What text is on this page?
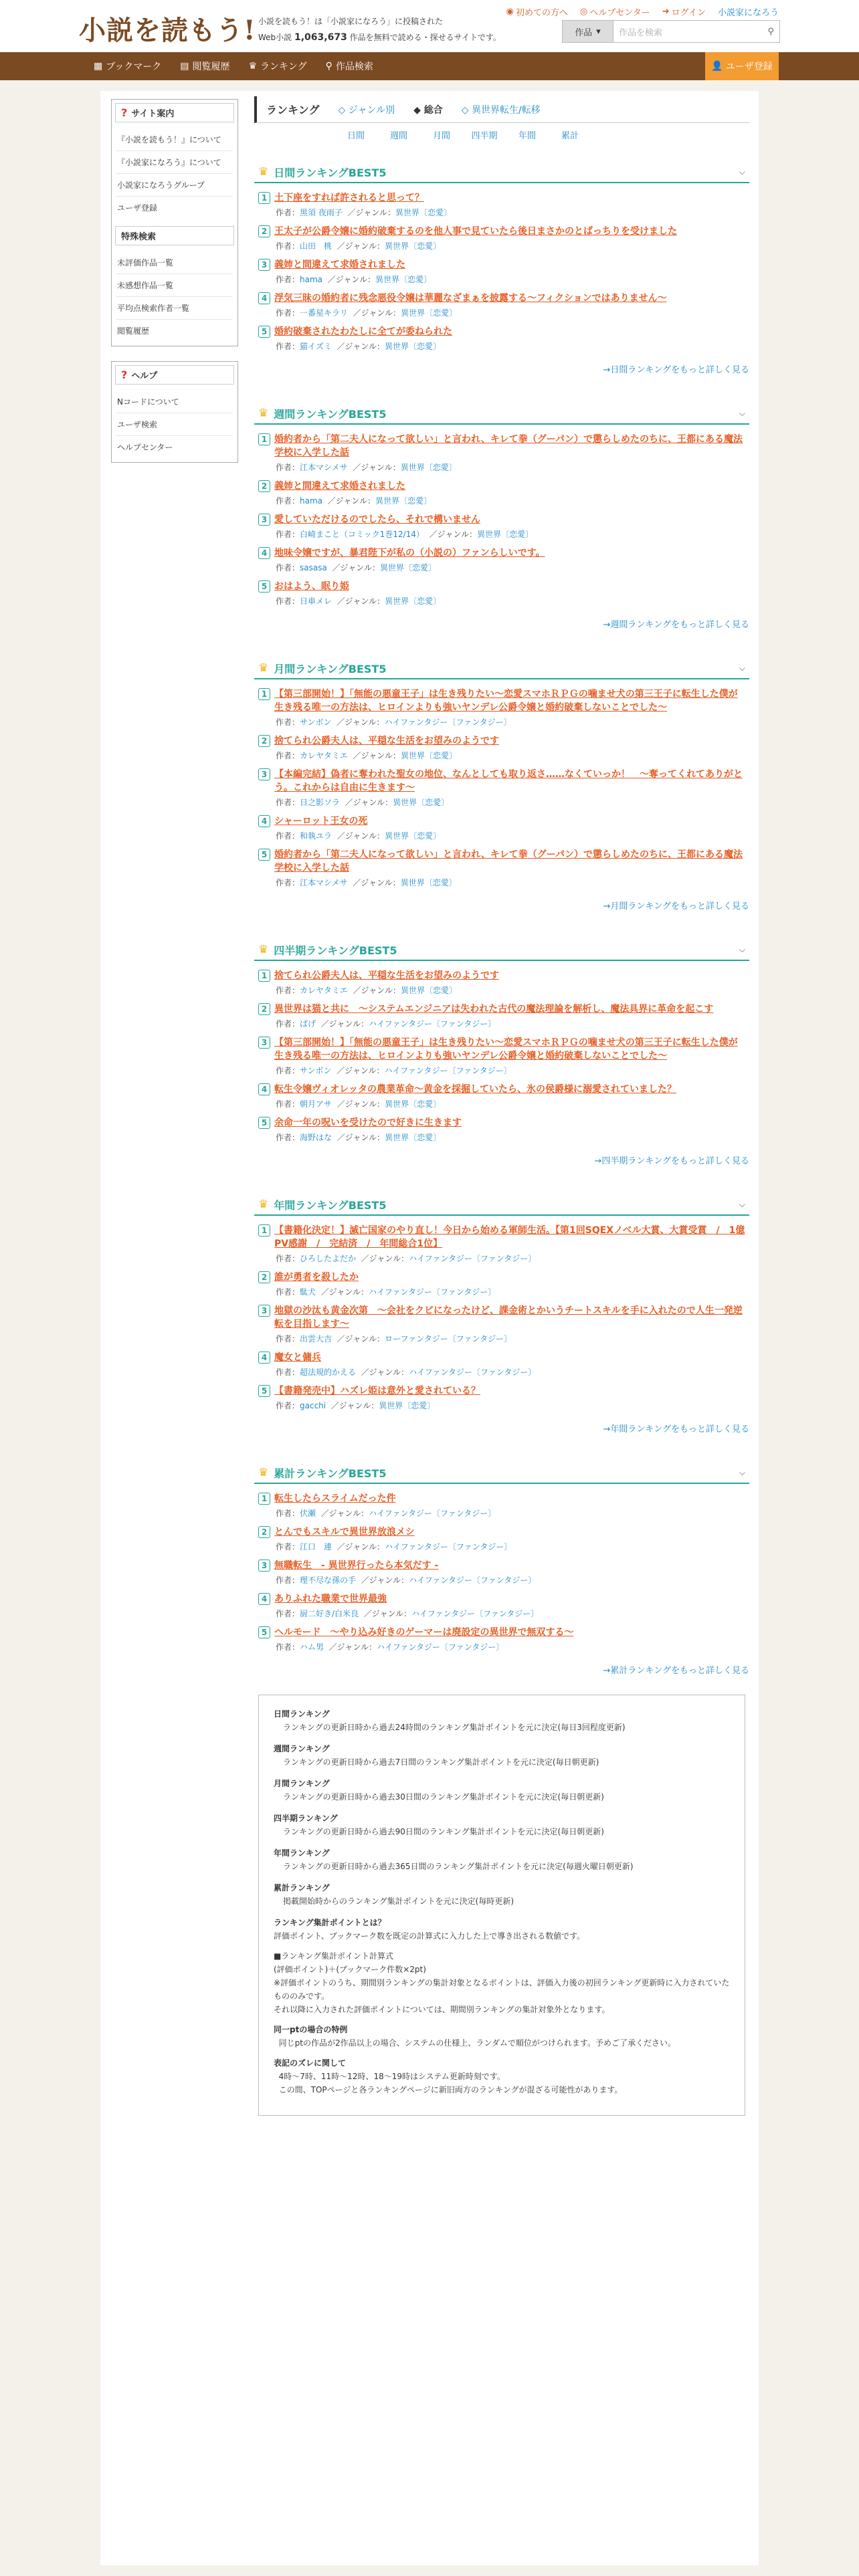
小説を読もう! 小説を読もう！は「小説家になろう」に投稿された
Web小説 1,063,673 作品を無料で読める・探せるサイトです。
◉ 初めての方へ ◎ ヘルプセンター ➜ ログイン 小説家になろう
作品 ▾ 作品を検索	⚲
▦ ブックマーク ▤ 閲覧履歴 ♛ ランキング ⚲ 作品検索	👤 ユーザ登録
? サイト案内
『小説を読もう！』について
『小説家になろう』について
小説家になろうグループ
ユーザ登録
特殊検索
未評価作品一覧
未感想作品一覧
平均点検索作者一覧
閲覧履歴
? ヘルプ
Nコードについて
ユーザ検索
ヘルプセンター
ランキング	◇ ジャンル別	◆ 総合	◇ 異世界転生/転移
日間	週間	月間	四半期	年間	累計
♛ 日間ランキングBEST5	⌵
1 土下座をすれば許されると思って？
作者：黒須 夜雨子  ／ジャンル：異世界〔恋愛〕
2 王太子が公爵令嬢に婚約破棄するのを他人事で見ていたら後日まさかのとばっちりを受けました
作者：山田　桃  ／ジャンル：異世界〔恋愛〕
3 義姉と間違えて求婚されました
作者：hama  ／ジャンル：異世界〔恋愛〕
4 浮気三昧の婚約者に残念悪役令嬢は華麗なざまぁを披露する〜フィクションではありません〜
作者：一番星キラリ  ／ジャンル：異世界〔恋愛〕
5 婚約破棄されたわたしに全てが委ねられた
作者：猫イズミ  ／ジャンル：異世界〔恋愛〕
→日間ランキングをもっと詳しく見る
♛ 週間ランキングBEST5	⌵
1 婚約者から「第二夫人になって欲しい」と言われ、キレて拳（グーパン）で懲らしめたのちに、王都にある魔法学校に入学した話
作者：江本マシメサ  ／ジャンル：異世界〔恋愛〕
2 義姉と間違えて求婚されました
作者：hama  ／ジャンル：異世界〔恋愛〕
3 愛していただけるのでしたら、それで構いません
作者：白崎まこと（コミック1巻12/14）  ／ジャンル：異世界〔恋愛〕
4 地味令嬢ですが、暴君陛下が私の（小説の）ファンらしいです。
作者：sasasa  ／ジャンル：異世界〔恋愛〕
5 おはよう、眠り姫
作者：日車メレ  ／ジャンル：異世界〔恋愛〕
→週間ランキングをもっと詳しく見る
♛ 月間ランキングBEST5	⌵
1 【第三部開始！】「無能の悪童王子」は生き残りたい〜恋愛スマホＲＰＧの噛ませ犬の第三王子に転生した僕が生き残る唯一の方法は、ヒロインよりも強いヤンデレ公爵令嬢と婚約破棄しないことでした〜
作者：サンボン  ／ジャンル：ハイファンタジー〔ファンタジー〕
2 捨てられ公爵夫人は、平穏な生活をお望みのようです
作者：カレヤタミエ  ／ジャンル：異世界〔恋愛〕
3 【本編完結】偽者に奪われた聖女の地位、なんとしても取り返さ……なくていっか！　〜奪ってくれてありがとう。これからは自由に生きます〜
作者：日之影ソラ  ／ジャンル：異世界〔恋愛〕
4 シャーロット王女の死
作者：和執ユラ  ／ジャンル：異世界〔恋愛〕
5 婚約者から「第二夫人になって欲しい」と言われ、キレて拳（グーパン）で懲らしめたのちに、王都にある魔法学校に入学した話
作者：江本マシメサ  ／ジャンル：異世界〔恋愛〕
→月間ランキングをもっと詳しく見る
♛ 四半期ランキングBEST5	⌵
1 捨てられ公爵夫人は、平穏な生活をお望みのようです
作者：カレヤタミエ  ／ジャンル：異世界〔恋愛〕
2 異世界は猫と共に　〜システムエンジニアは失われた古代の魔法理論を解析し、魔法具界に革命を起こす
作者：ぱげ  ／ジャンル：ハイファンタジー〔ファンタジー〕
3 【第三部開始！】「無能の悪童王子」は生き残りたい〜恋愛スマホＲＰＧの噛ませ犬の第三王子に転生した僕が生き残る唯一の方法は、ヒロインよりも強いヤンデレ公爵令嬢と婚約破棄しないことでした〜
作者：サンボン  ／ジャンル：ハイファンタジー〔ファンタジー〕
4 転生令嬢ヴィオレッタの農業革命〜黄金を採掘していたら、氷の侯爵様に溺愛されていました？
作者：朝月アサ  ／ジャンル：異世界〔恋愛〕
5 余命一年の呪いを受けたので好きに生きます
作者：海野はな  ／ジャンル：異世界〔恋愛〕
→四半期ランキングをもっと詳しく見る
♛ 年間ランキングBEST5	⌵
1 【書籍化決定！】滅亡国家のやり直し！今日から始める軍師生活。【第1回SQEXノベル大賞、大賞受賞　/　1億PV感謝　/　完結済　/　年間総合1位】
作者：ひろしたよだか  ／ジャンル：ハイファンタジー〔ファンタジー〕
2 誰が勇者を殺したか
作者：駄犬  ／ジャンル：ハイファンタジー〔ファンタジー〕
3 地獄の沙汰も黄金次第　〜会社をクビになったけど、課金術とかいうチートスキルを手に入れたので人生一発逆転を目指します〜
作者：出雲大吉  ／ジャンル：ローファンタジー〔ファンタジー〕
4 魔女と傭兵
作者：超法規的かえる  ／ジャンル：ハイファンタジー〔ファンタジー〕
5 【書籍発売中】ハズレ姫は意外と愛されている？
作者：gacchi  ／ジャンル：異世界〔恋愛〕
→年間ランキングをもっと詳しく見る
♛ 累計ランキングBEST5	⌵
1 転生したらスライムだった件
作者：伏瀬  ／ジャンル：ハイファンタジー〔ファンタジー〕
2 とんでもスキルで異世界放浪メシ
作者：江口　連  ／ジャンル：ハイファンタジー〔ファンタジー〕
3 無職転生　- 異世界行ったら本気だす -
作者：理不尽な孫の手  ／ジャンル：ハイファンタジー〔ファンタジー〕
4 ありふれた職業で世界最強
作者：厨二好き/白米良  ／ジャンル：ハイファンタジー〔ファンタジー〕
5 ヘルモード　〜やり込み好きのゲーマーは廃設定の異世界で無双する〜
作者：ハム男  ／ジャンル：ハイファンタジー〔ファンタジー〕
→累計ランキングをもっと詳しく見る
日間ランキング
ランキングの更新日時から過去24時間のランキング集計ポイントを元に決定(毎日3回程度更新)
週間ランキング
ランキングの更新日時から過去7日間のランキング集計ポイントを元に決定(毎日朝更新)
月間ランキング
ランキングの更新日時から過去30日間のランキング集計ポイントを元に決定(毎日朝更新)
四半期ランキング
ランキングの更新日時から過去90日間のランキング集計ポイントを元に決定(毎日朝更新)
年間ランキング
ランキングの更新日時から過去365日間のランキング集計ポイントを元に決定(毎週火曜日朝更新)
累計ランキング
掲載開始時からのランキング集計ポイントを元に決定(毎時更新)

ランキング集計ポイントとは？
評価ポイント、ブックマーク数を既定の計算式に入力した上で導き出される数値です。

■ランキング集計ポイント計算式
(評価ポイント)＋(ブックマーク件数×2pt)
※評価ポイントのうち、期間別ランキングの集計対象となるポイントは、評価入力後の初回ランキング更新時に入力されていたもののみです。
それ以降に入力された評価ポイントについては、期間別ランキングの集計対象外となります。

同一ptの場合の特例
同じptの作品が2作品以上の場合、システムの仕様上、ランダムで順位がつけられます。予めご了承ください。

表記のズレに関して
4時〜7時、11時〜12時、18〜19時はシステム更新時刻です。
この間、TOPページと各ランキングページに新旧両方のランキングが混ざる可能性があります。
